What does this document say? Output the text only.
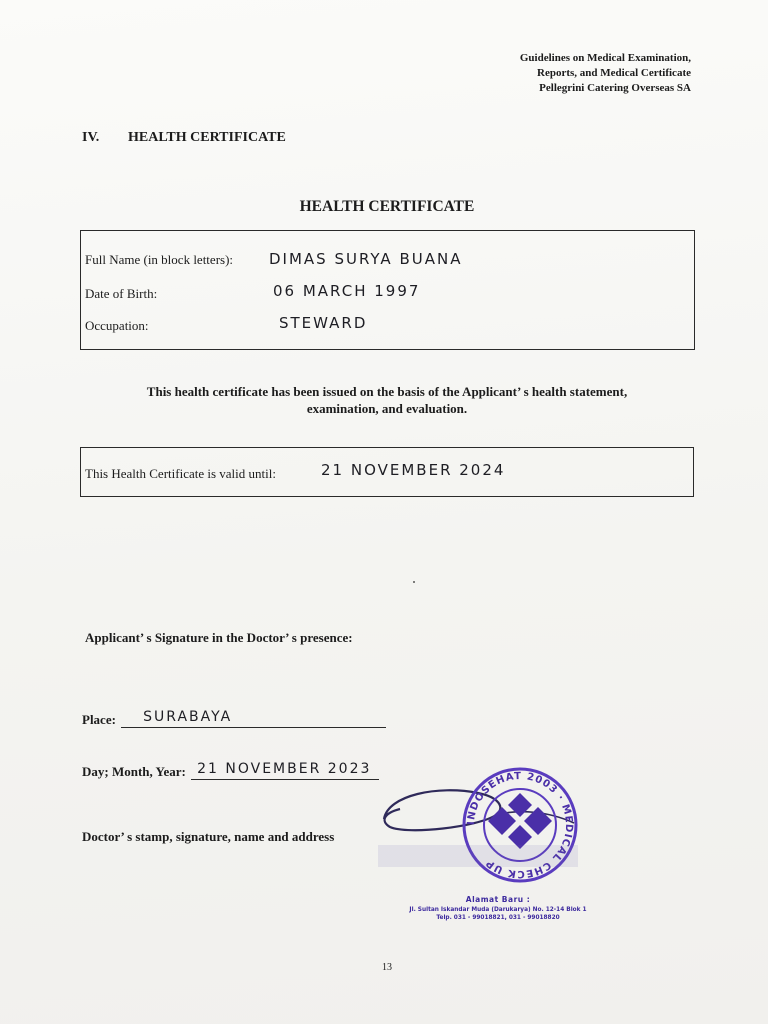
Guidelines on Medical Examination,
Reports, and Medical Certificate
Pellegrini Catering Overseas SA
IV. HEALTH CERTIFICATE
HEALTH CERTIFICATE
Full Name (in block letters): DIMAS SURYA BUANA
Date of Birth:	06 MARCH 1997
Occupation:	STEWARD
This health certificate has been issued on the basis of the Applicant’ s health statement,
examination, and evaluation.
This Health Certificate is valid until:	21 NOVEMBER 2024
Applicant’ s Signature in the Doctor’ s presence:
Place: SURABAYA
Day; Month, Year: 21 NOVEMBER 2023
Doctor’ s stamp, signature, name and address
INDOSEHAT 2003 · MEDICAL CHECK UP
Alamat Baru :
Jl. Sultan Iskandar Muda (Darukarya) No. 12-14 Blok 1
Telp. 031 - 99018821, 031 - 99018820
13
